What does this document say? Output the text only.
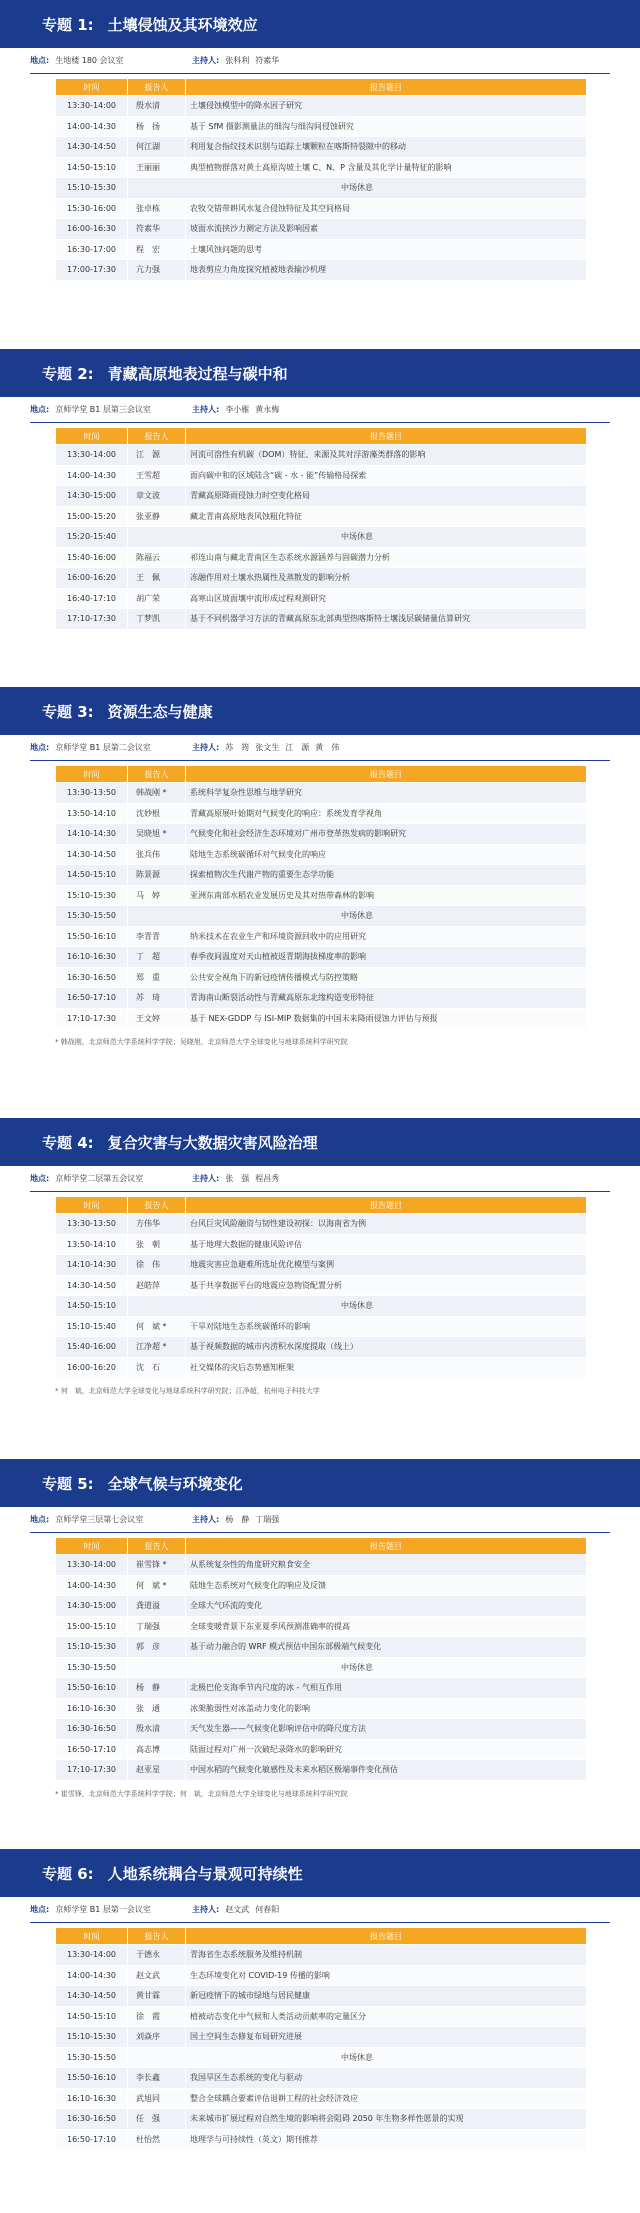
专题 1: 土壤侵蚀及其环境效应
地点: 生地楼 180 会议室	主持人: 张科利 符素华
时间	报告人	报告题目
13:30-14:00	殷水清	土壤侵蚀模型中的降水因子研究
14:00-14:30	杨　扬	基于 SfM 摄影测量法的细沟与细沟间侵蚀研究
14:30-14:50	何江湖	利用复合指纹技术识别与追踪土壤颗粒在喀斯特裂隙中的移动
14:50-15:10	王丽丽	典型植物群落对黄土高原沟坡土壤 C、N、P 含量及其化学计量特征的影响
15:10-15:30	中场休息	
15:30-16:00	张卓栋	农牧交错带耕风水复合侵蚀特征及其空间格局
16:00-16:30	符素华	坡面水流挟沙力测定方法及影响因素
16:30-17:00	程　宏	土壤风蚀问题的思考
17:00-17:30	亢力强	地表剪应力角度探究植被地表输沙机理
专题 2: 青藏高原地表过程与碳中和
地点: 京师学堂 B1 层第三会议室	主持人: 李小雁 黄永梅
时间	报告人	报告题目
13:30-14:00	江　源	河流可溶性有机碳（DOM）特征、来源及其对浮游藻类群落的影响
14:00-14:30	王雪超	面向碳中和的区域陆含“碳 - 水 - 能”传输格局探索
14:30-15:00	章文波	青藏高原降雨侵蚀力时空变化格局
15:00-15:20	张亚静	藏北青南高原地表风蚀粗化特征
15:20-15:40	中场休息	
15:40-16:00	陈福云	祁连山南与藏北青南区生态系统水源涵养与固碳潜力分析
16:00-16:20	王　佩	冻融作用对土壤水热属性及蒸散发的影响分析
16:40-17:10	胡广荣	高寒山区坡面壤中流形成过程观测研究
17:10-17:30	丁梦凯	基于不同机器学习方法的青藏高原东北部典型热喀斯特土壤浅层碳储量估算研究
专题 3: 资源生态与健康
地点: 京师学堂 B1 层第二会议室	主持人: 苏　筠 张文生 江　源 黄　伟
时间	报告人	报告题目
13:30-13:50	韩战刚 *	系统科学复杂性思维与地学研究
13:50-14:10	沈妙根	青藏高原展叶始期对气候变化的响应：系统发育学视角
14:10-14:30	吴晓旭 *	气候变化和社会经济生态环境对广州市登革热发病的影响研究
14:30-14:50	张兵伟	陆地生态系统碳循环对气候变化的响应
14:50-15:10	陈景源	探索植物次生代谢产物的重要生态学功能
15:10-15:30	马　婷	亚洲东南部水稻农业发展历史及其对热带森林的影响
15:30-15:50	中场休息	
15:50-16:10	李青青	纳米技术在农业生产和环境资源回收中的应用研究
16:10-16:30	丁　超	春季夜间温度对天山植被返青期海拔梯度率的影响
16:30-16:50	郑　重	公共安全视角下的新冠疫情传播模式与防控策略
16:50-17:10	苏　琦	青海南山断裂活动性与青藏高原东北缘构造变形特征
17:10-17:30	王文婷	基于 NEX-GDDP 与 ISI-MIP 数据集的中国未来降雨侵蚀力评估与预报
* 韩战刚，北京师范大学系统科学学院；吴晓旭，北京师范大学全球变化与地球系统科学研究院
专题 4: 复合灾害与大数据灾害风险治理
地点: 京师学堂二层第五会议室	主持人: 张　强 程昌秀
时间	报告人	报告题目
13:30-13:50	方伟华	台风巨灾风险融资与韧性建设初探：以海南省为例
13:50-14:10	张　朝	基于地理大数据的健康风险评估
14:10-14:30	徐　伟	地震灾害应急避难所选址优化模型与案例
14:30-14:50	赵皓萍	基于共享数据平台的地震应急物资配置分析
14:50-15:10	中场休息	
15:10-15:40	何　斌 *	干旱对陆地生态系统碳循环的影响
15:40-16:00	江净超 *	基于视频数据的城市内涝积水深度提取（线上）
16:00-16:20	沈　石	社交媒体的灾后态势感知框架
* 何　斌，北京师范大学全球变化与地球系统科学研究院；江净超，杭州电子科技大学
专题 5: 全球气候与环境变化
地点: 京师学堂三层第七会议室	主持人: 杨　静 丁瑞强
时间	报告人	报告题目
13:30-14:00	崔雪锋 *	从系统复杂性的角度研究粮食安全
14:00-14:30	何　斌 *	陆地生态系统对气候变化的响应及反馈
14:30-15:00	龚道溢	全球大气环流的变化
15:00-15:10	丁瑞强	全球变暖背景下东亚夏季风预测准确率的提高
15:10-15:30	郭　彦	基于动力融合的 WRF 模式预估中国东部极端气候变化
15:30-15:50	中场休息	
15:50-16:10	杨　静	北极巴伦支海季节内尺度的冰 - 气相互作用
16:10-16:30	张　通	冰架脆弱性对冰盖动力变化的影响
16:30-16:50	殷水清	天气发生器——气候变化影响评估中的降尺度方法
16:50-17:10	高志博	陆面过程对广州一次破纪录降水的影响研究
17:10-17:30	赵亚星	中国水稻的气候变化敏感性及未来水稻区极端事件变化预估
* 崔雪锋，北京师范大学系统科学学院；何　斌，北京师范大学全球变化与地球系统科学研究院
专题 6: 人地系统耦合与景观可持续性
地点: 京师学堂 B1 层第一会议室	主持人: 赵文武 何春阳
时间	报告人	报告题目
13:30-14:00	于德永	青海省生态系统服务及维持机制
14:00-14:30	赵文武	生态环境变化对 COVID-19 传播的影响
14:30-14:50	黄甘霖	新冠疫情下的城市绿地与居民健康
14:50-15:10	徐　霞	植被动态变化中气候和人类活动贡献率的定量区分
15:10-15:30	刘焱序	国土空间生态修复布局研究进展
15:30-15:50	中场休息	
15:50-16:10	李长鑫	我国旱区生态系统的变化与驱动
16:10-16:30	武旭同	整合全球耦合要素评估退耕工程的社会经济效应
16:30-16:50	任　强	未来城市扩展过程对自然生境的影响将会阻碍 2050 年生物多样性愿景的实现
16:50-17:10	杜怡然	地理学与可持续性（英文）期刊推荐
